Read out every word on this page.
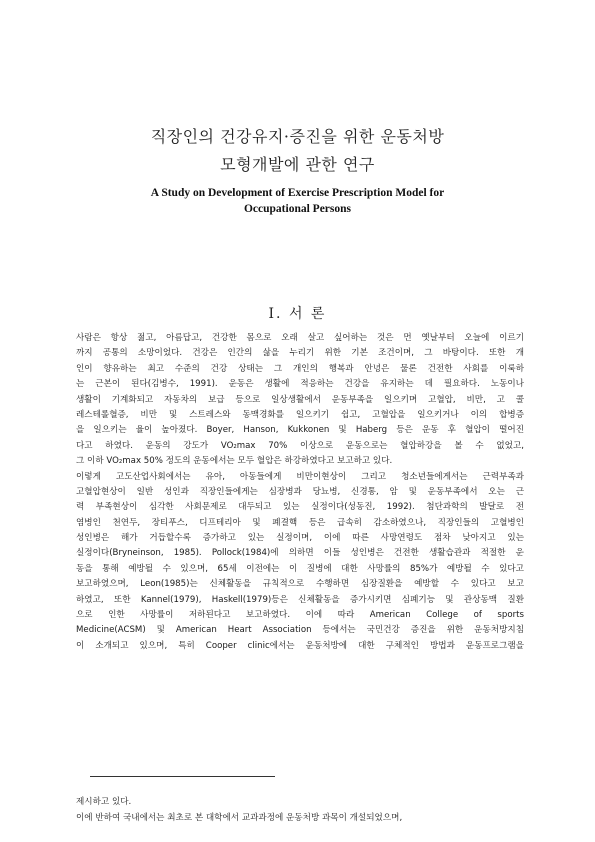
직장인의 건강유지·증진을 위한 운동처방
모형개발에 관한 연구
A Study on Development of Exercise Prescription Model for
Occupational Persons
Ⅰ. 서 론
사람은 항상 젊고, 아름답고, 건강한 몸으로 오래 살고 싶어하는 것은 먼 옛날부터 오늘에 이르기
까지 공통의 소망이었다. 건강은 인간의 삶을 누리기 위한 기본 조건이며, 그 바탕이다. 또한 개
인이 향유하는 최고 수준의 건강 상태는 그 개인의 행복과 안녕은 물론 건전한 사회를 이룩하
는 근본이 된다(김병수, 1991). 운동은 생활에 적응하는 건강을 유지하는 데 필요하다. 노동이나
생활이 기계화되고 자동차의 보급 등으로 일상생활에서 운동부족을 일으키며 고혈압, 비만, 고 콜
레스테롤혈증, 비만 및 스트레스와 동맥경화를 일으키기 쉽고, 고혈압을 일으키거나 이의 합병증
을 일으키는 율이 높아졌다. Boyer, Hanson, Kukkonen 및 Haberg 등은 운동 후 혈압이 떨어진
다고 하였다. 운동의 강도가 VO₂max 70% 이상으로 운동으로는 혈압하강을 볼 수 없었고,
그 이하 VO₂max 50% 정도의 운동에서는 모두 혈압은 하강하였다고 보고하고 있다.
이렇게 고도산업사회에서는 유아, 아동들에게 비만이현상이 그리고 청소년들에게서는 근력부족과
고혈압현상이 일반 성인과 직장인들에게는 심장병과 당뇨병, 신경통, 암 및 운동부족에서 오는 근
력 부족현상이 심각한 사회문제로 대두되고 있는 실정이다(성동진, 1992). 첨단과학의 발달로 전
염병인 천연두, 장티푸스, 디프테리아 및 폐결핵 등은 급속히 감소하였으나, 직장인들의 고혈병인
성인병은 해가 거듭할수록 증가하고 있는 실정이며, 이에 따른 사망연령도 점차 낮아지고 있는
실정이다(Bryneinson, 1985). Pollock(1984)에 의하면 이들 성인병은 건전한 생활습관과 적절한 운
동을 통해 예방될 수 있으며, 65세 이전에는 이 질병에 대한 사망률의 85%가 예방될 수 있다고
보고하였으며, Leon(1985)는 신체활동을 규칙적으로 수행하면 심장질환을 예방할 수 있다고 보고
하였고, 또한 Kannel(1979), Haskell(1979)등은 신체활동을 증가시키면 심폐기능 및 관상동맥 질환
으로 인한 사망률이 저하된다고 보고하였다. 이에 따라 American College of sports
Medicine(ACSM) 및 American Heart Association 등에서는 국민건강 증진을 위한 운동처방지침
이 소개되고 있으며, 특히 Cooper clinic에서는 운동처방에 대한 구체적인 방법과 운동프로그램을
제시하고 있다.
이에 반하여 국내에서는 최초로 본 대학에서 교과과정에 운동처방 과목이 개설되었으며,
